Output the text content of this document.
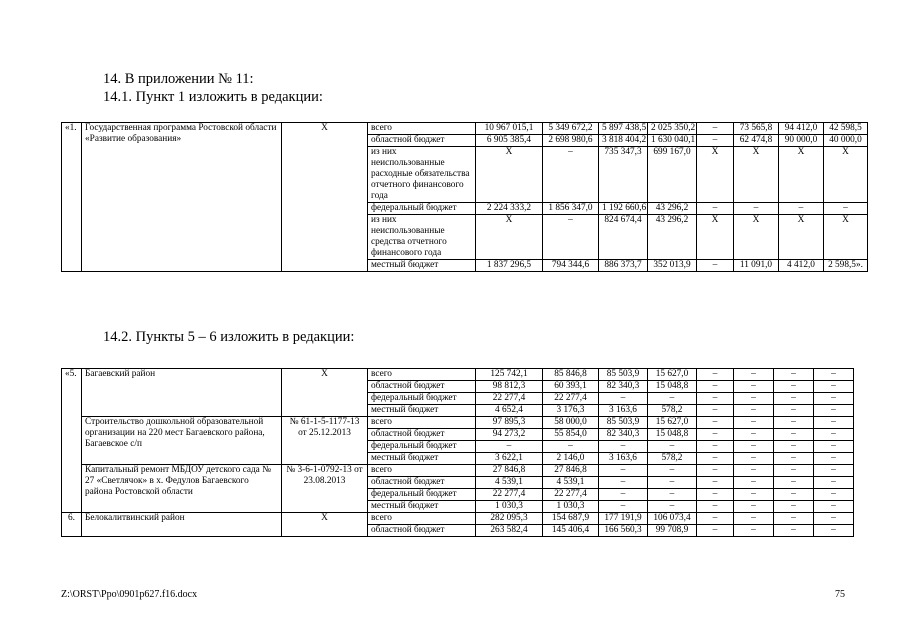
14. В приложении № 11:
14.1. Пункт 1 изложить в редакции:
«1.	Государственная программа Ростовской области «Развитие образования»	Х	всего	10 967 015,1	5 349 672,2	5 897 438,5	2 025 350,2	–	73 565,8	94 412,0	42 598,5
			областной бюджет	6 905 385,4	2 698 980,6	3 818 404,2	1 630 040,1	–	62 474,8	90 000,0	40 000,0
			из них неиспользованные расходные обязательства отчетного финансового года	Х	–	735 347,3	699 167,0	Х	Х	Х	Х
			федеральный бюджет	2 224 333,2	1 856 347,0	1 192 660,6	43 296,2	–	–	–	–
			из них неиспользованные средства отчетного финансового года	Х	–	824 674,4	43 296,2	Х	Х	Х	Х
			местный бюджет	1 837 296,5	794 344,6	886 373,7	352 013,9	–	11 091,0	4 412,0	2 598,5».
14.2. Пункты 5 – 6 изложить в редакции:
«5.	Багаевский район	Х	всего	125 742,1	85 846,8	85 503,9	15 627,0	–	–	–	–
			областной бюджет	98 812,3	60 393,1	82 340,3	15 048,8	–	–	–	–
			федеральный бюджет	22 277,4	22 277,4	–	–	–	–	–	–
			местный бюджет	4 652,4	3 176,3	3 163,6	578,2	–	–	–	–
	Строительство дошкольной образовательной организации на 220 мест Багаевского района, Багаевское с/п	№ 61-1-5-1177-13 от 25.12.2013	всего	97 895,3	58 000,0	85 503,9	15 627,0	–	–	–	–
			областной бюджет	94 273,2	55 854,0	82 340,3	15 048,8	–	–	–	–
			федеральный бюджет	–	–	–	–	–	–	–	–
			местный бюджет	3 622,1	2 146,0	3 163,6	578,2	–	–	–	–
	Капитальный ремонт МБДОУ детского сада № 27 «Светлячок» в х. Федулов Багаевского района Ростовской области	№ 3-6-1-0792-13 от 23.08.2013	всего	27 846,8	27 846,8	–	–	–	–	–	–
			областной бюджет	4 539,1	4 539,1	–	–	–	–	–	–
			федеральный бюджет	22 277,4	22 277,4	–	–	–	–	–	–
			местный бюджет	1 030,3	1 030,3	–	–	–	–	–	–
6.	Белокалитвинский район	Х	всего	282 095,3	154 687,9	177 191,9	106 073,4	–	–	–	–
			областной бюджет	263 582,4	145 406,4	166 560,3	99 708,9	–	–	–	–
Z:\ORST\Ppo\0901p627.f16.docx	75
